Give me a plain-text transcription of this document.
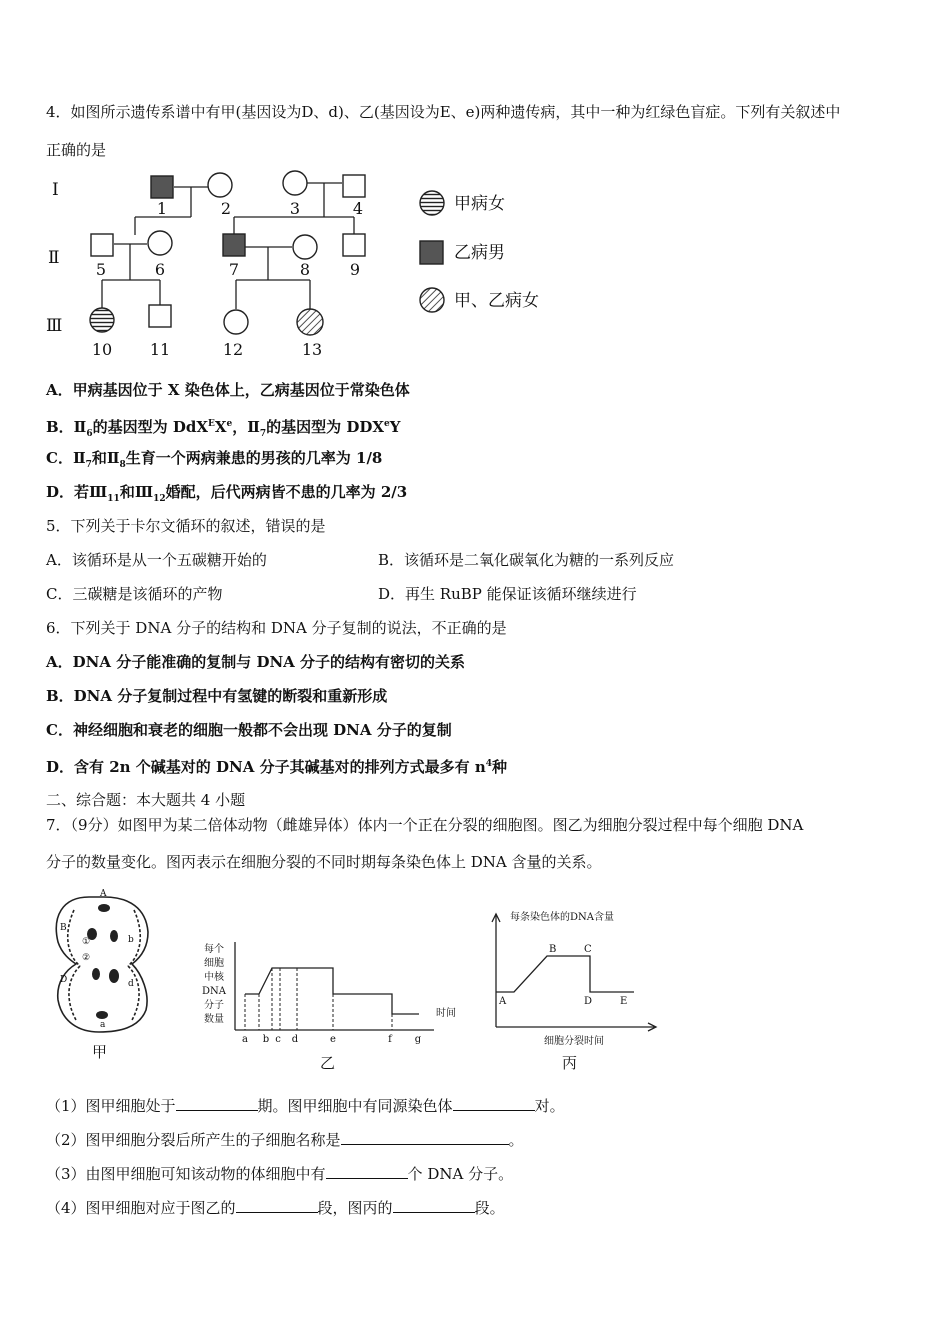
4．如图所示遗传系谱中有甲(基因设为D、d)、乙(基因设为E、e)两种遗传病，其中一种为红绿色盲症。下列有关叙述中
正确的是
Ⅰ
Ⅱ
Ⅲ
1	2	3	4
5	6	7	8 9
10 11	12	13
甲病女
乙病男
甲、乙病女
A．甲病基因位于 X 染色体上，乙病基因位于常染色体
B．$Ⅱ_6$的基因型为 DdX$^E$Xe，$Ⅱ_7$的基因型为 DDXeY
C．$Ⅱ_7$和$Ⅱ_8$生育一个两病兼患的男孩的几率为 1/8
D．若$Ⅲ_{11}$和$Ⅲ_{12}$婚配，后代两病皆不患的几率为 2/3
5．下列关于卡尔文循环的叙述，错误的是
A．该循环是从一个五碳糖开始的	B．该循环是二氧化碳氧化为糖的一系列反应
C．三碳糖是该循环的产物	D．再生 RuBP 能保证该循环继续进行
6．下列关于 DNA 分子的结构和 DNA 分子复制的说法，不正确的是
A．DNA 分子能准确的复制与 DNA 分子的结构有密切的关系
B．DNA 分子复制过程中有氢键的断裂和重新形成
C．神经细胞和衰老的细胞一般都不会出现 DNA 分子的复制
D．含有 2n 个碱基对的 DNA 分子其碱基对的排列方式最多有 $n^4$种
二、综合题：本大题共 4 小题
7．（9分）如图甲为某二倍体动物（雌雄异体）体内一个正在分裂的细胞图。图乙为细胞分裂过程中每个细胞 DNA
分子的数量变化。图丙表示在细胞分裂的不同时期每条染色体上 DNA 含量的关系。
A
a
B
b
D	d
①
②
甲
每个
细胞
中核
DNA
分子
数量
a b c d	e	f g
时间
乙
每条染色体的DNA含量
A
B	C
D	E
细胞分裂时间
丙
（1）图甲细胞处于	期。图甲细胞中有同源染色体	对。
（2）图甲细胞分裂后所产生的子细胞名称是	。
（3）由图甲细胞可知该动物的体细胞中有	个 DNA 分子。
（4）图甲细胞对应于图乙的	段，图丙的	段。
